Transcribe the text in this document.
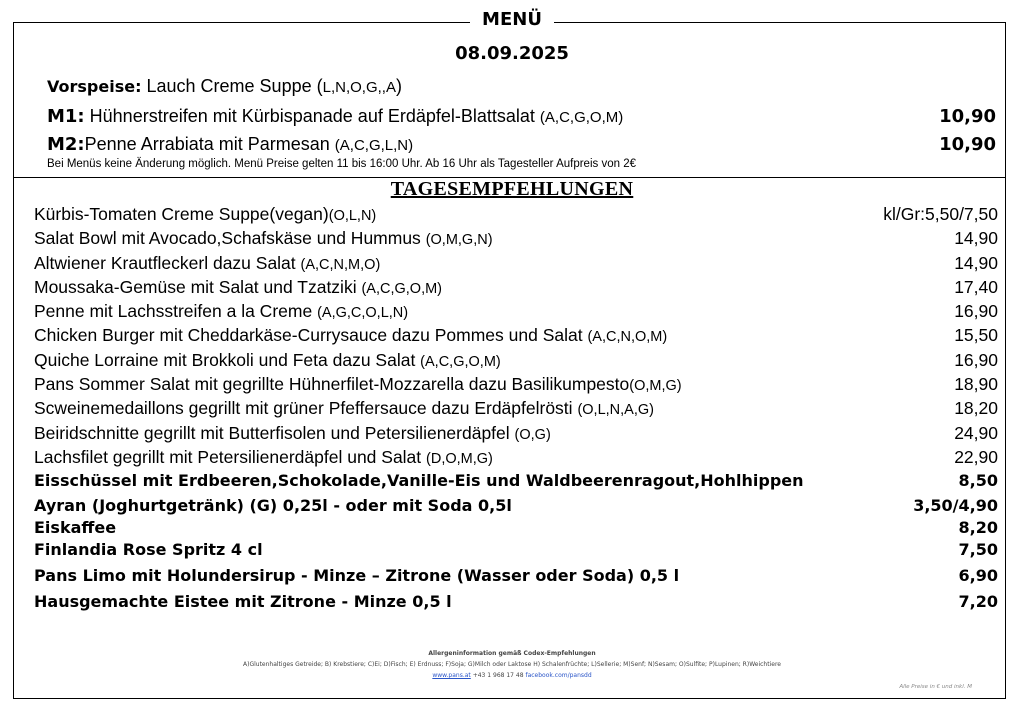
MENÜ
08.09.2025
Vorspeise: Lauch Creme Suppe (L,N,O,G,,A)
M1: Hühnerstreifen mit Kürbispanade auf Erdäpfel-Blattsalat (A,C,G,O,M)	10,90
M2:Penne Arrabiata mit Parmesan (A,C,G,L,N)	10,90
Bei Menüs keine Änderung möglich. Menü Preise gelten 11 bis 16:00 Uhr. Ab 16 Uhr als Tagesteller Aufpreis von 2€
TAGESEMPFEHLUNGEN
Kürbis-Tomaten Creme Suppe(vegan)(O,L,N)	kl/Gr:5,50/7,50
Salat Bowl mit Avocado,Schafskäse und Hummus (O,M,G,N)	14,90
Altwiener Krautfleckerl dazu Salat (A,C,N,M,O)	14,90
Moussaka-Gemüse mit Salat und Tzatziki (A,C,G,O,M)	17,40
Penne mit Lachsstreifen a la Creme (A,G,C,O,L,N)	16,90
Chicken Burger mit Cheddarkäse-Currysauce dazu Pommes und Salat (A,C,N,O,M)	15,50
Quiche Lorraine mit Brokkoli und Feta dazu Salat (A,C,G,O,M)	16,90
Pans Sommer Salat mit gegrillte Hühnerfilet-Mozzarella dazu Basilikumpesto(O,M,G)	18,90
Scweinemedaillons gegrillt mit grüner Pfeffersauce dazu Erdäpfelrösti (O,L,N,A,G)	18,20
Beiridschnitte gegrillt mit Butterfisolen und Petersilienerdäpfel (O,G)	24,90
Lachsfilet gegrillt mit Petersilienerdäpfel und Salat (D,O,M,G)	22,90
Eisschüssel mit Erdbeeren,Schokolade,Vanille-Eis und Waldbeerenragout,Hohlhippen	8,50
Ayran (Joghurtgetränk) (G) 0,25l - oder mit Soda 0,5l	3,50/4,90
Eiskaffee	8,20
Finlandia Rose Spritz 4 cl	7,50
Pans Limo mit Holundersirup - Minze – Zitrone (Wasser oder Soda) 0,5 l	6,90
Hausgemachte Eistee mit Zitrone - Minze 0,5 l	7,20
Allergeninformation gemäß Codex-Empfehlungen
A)Glutenhaltiges Getreide; B) Krebstiere; C)Ei; D)Fisch; E) Erdnuss; F)Soja; G)Milch oder Laktose H) Schalenfrüchte; L)Sellerie; M)Senf; N)Sesam; O)Sulfite; P)Lupinen; R)Weichtiere
www.pans.at +43 1 968 17 48 facebook.com/pansdd
Alle Preise in € und inkl. M
